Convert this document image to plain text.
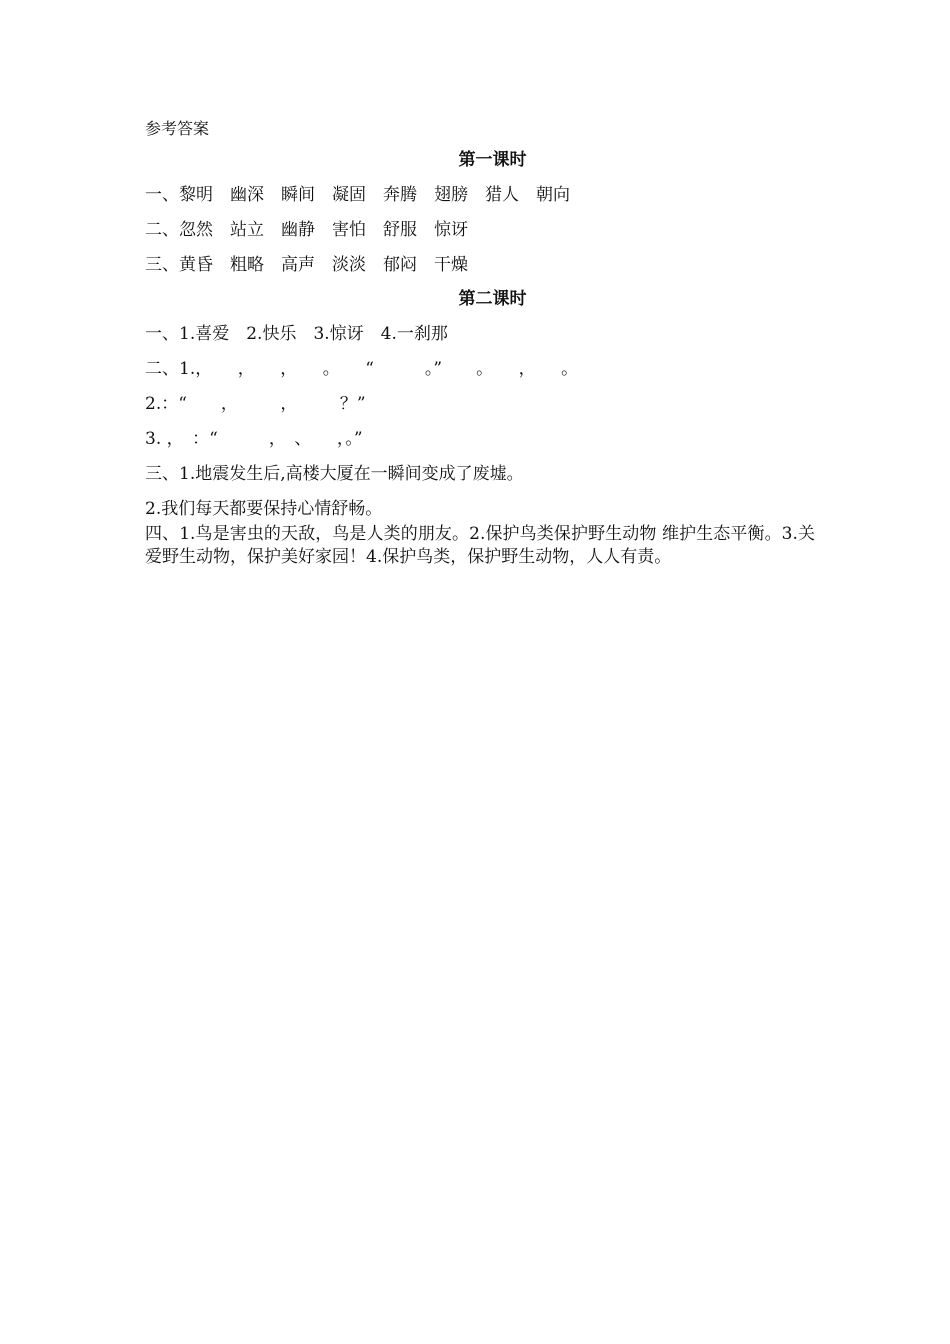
参考答案
第一课时
一、黎明　幽深　瞬间　凝固　奔腾　翅膀　猎人　朝向
二、忽然　站立　幽静　害怕　舒服　惊讶
三、黄昏　粗略　高声　淡淡　郁闷　干燥
第二课时
一、1.喜爱　2.快乐　3.惊讶　4.一刹那
二、1.，　　，　　，　　。　　“　　　。”　　。　　，　　。
2.：“　　，　　　，　　　？”
3. ，　：“　　　，　、　　，。”
三、1.地震发生后,高楼大厦在一瞬间变成了废墟。
2.我们每天都要保持心情舒畅。

四、1.鸟是害虫的天敌，鸟是人类的朋友。2.保护鸟类保护野生动物 维护生态平衡。3.关爱野生动物，保护美好家园！4.保护鸟类，保护野生动物，人人有责。
